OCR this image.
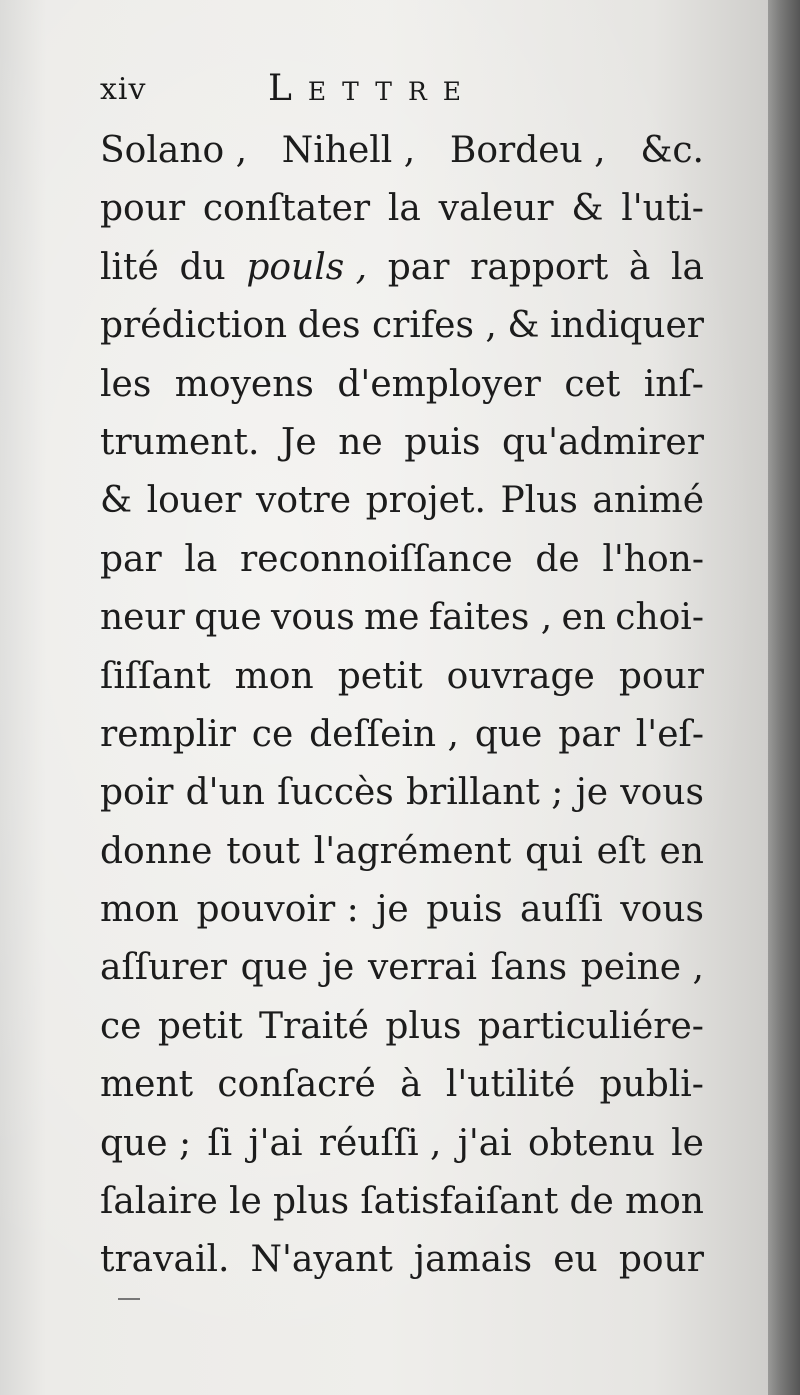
xiv	Lettre
Solano , Nihell , Bordeu , &c.
pour conſtater la valeur & l'uti-
lité du pouls , par rapport à la
prédiction des crifes , & indiquer
les moyens d'employer cet inſ-
trument. Je ne puis qu'admirer
& louer votre projet. Plus animé
par la reconnoiſſance de l'hon-
neur que vous me faites , en choi-
ſiſſant mon petit ouvrage pour
remplir ce deſſein , que par l'eſ-
poir d'un ſuccès brillant ; je vous
donne tout l'agrément qui eſt en
mon pouvoir : je puis auſſi vous
aſſurer que je verrai ſans peine ,
ce petit Traité plus particuliére-
ment conſacré à l'utilité publi-
que ; ſi j'ai réuſſi , j'ai obtenu le
ſalaire le plus ſatisfaiſant de mon
travail. N'ayant jamais eu pour
